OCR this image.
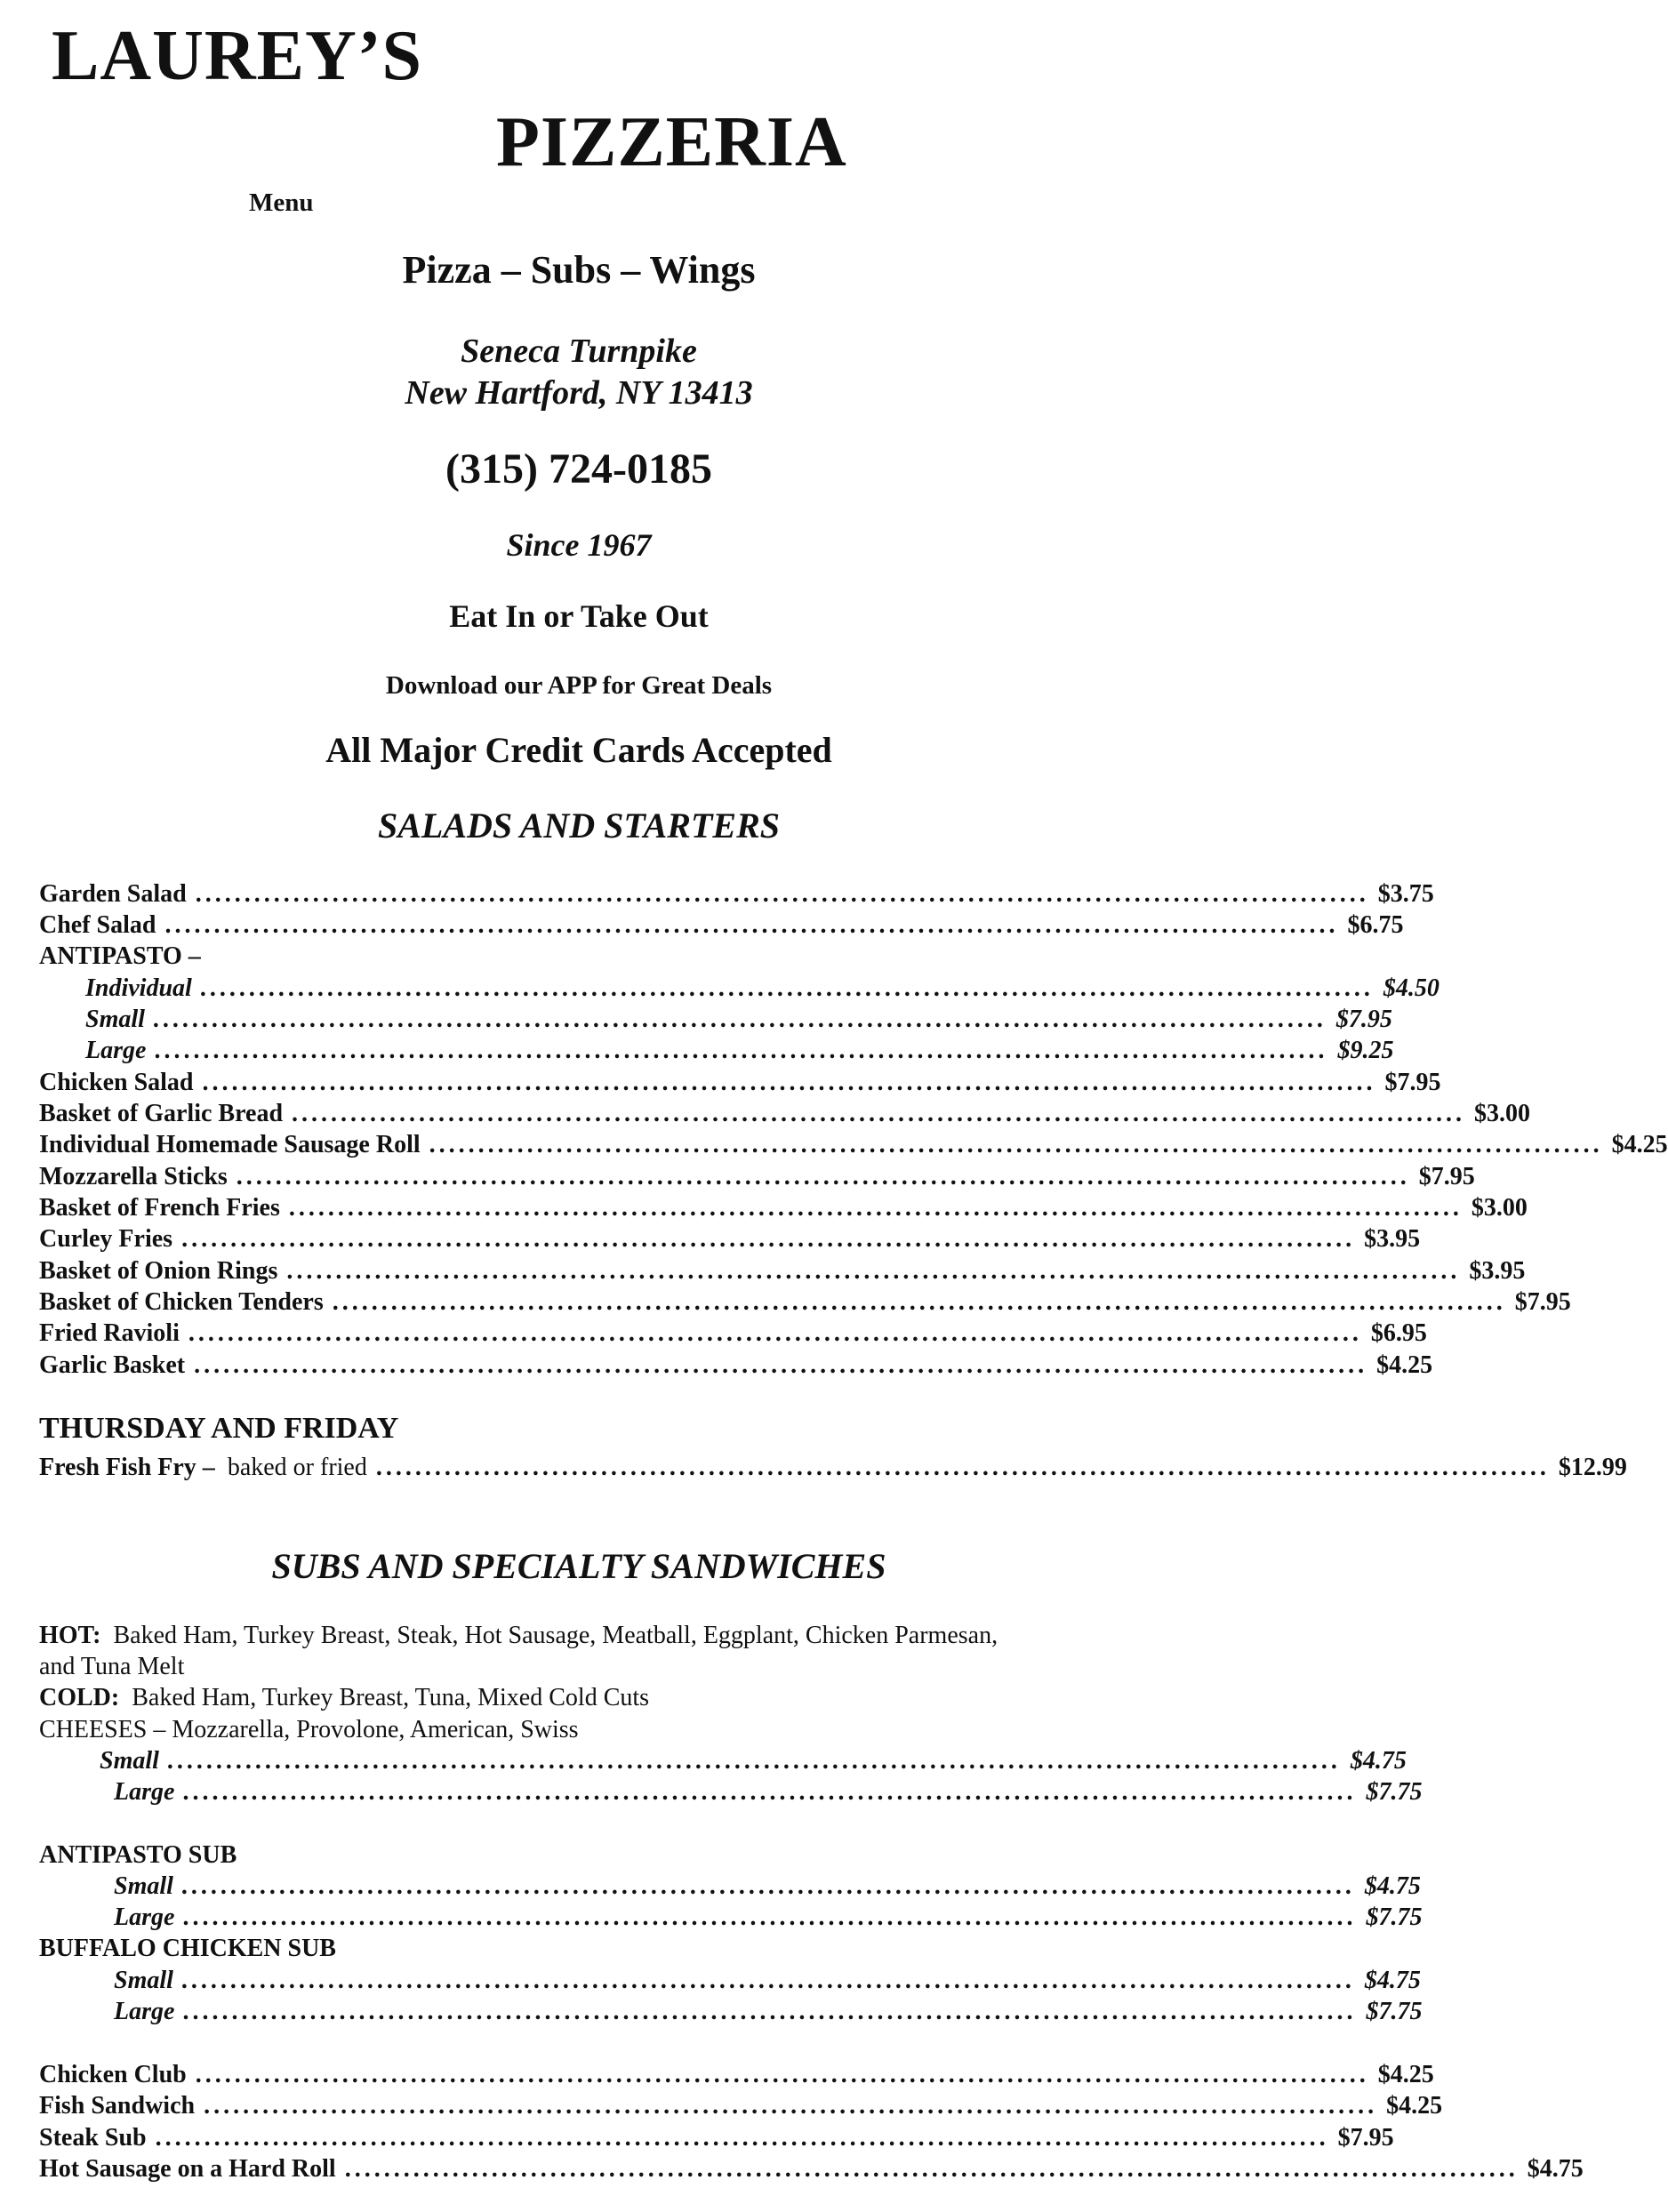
LAUREY’S
PIZZERIA
Menu
Pizza – Subs – Wings
Seneca Turnpike
New Hartford, NY 13413
(315) 724-0185
Since 1967
Eat In or Take Out
Download our APP for Great Deals
All Major Credit Cards Accepted
SALADS AND STARTERS
Garden Salad ........................................................................................................................ $3.75
Chef Salad ........................................................................................................................ $6.75
ANTIPASTO –
Individual ........................................................................................................................ $4.50
Small ........................................................................................................................ $7.95
Large ........................................................................................................................ $9.25
Chicken Salad ........................................................................................................................ $7.95
Basket of Garlic Bread ........................................................................................................................ $3.00
Individual Homemade Sausage Roll ........................................................................................................................ $4.25
Mozzarella Sticks ........................................................................................................................ $7.95
Basket of French Fries ........................................................................................................................ $3.00
Curley Fries ........................................................................................................................ $3.95
Basket of Onion Rings ........................................................................................................................ $3.95
Basket of Chicken Tenders ........................................................................................................................ $7.95
Fried Ravioli ........................................................................................................................ $6.95
Garlic Basket ........................................................................................................................ $4.25
THURSDAY AND FRIDAY
Fresh Fish Fry – baked or fried ........................................................................................................................ $12.99
SUBS AND SPECIALTY SANDWICHES
HOT: Baked Ham, Turkey Breast, Steak, Hot Sausage, Meatball, Eggplant, Chicken Parmesan,
and Tuna Melt
COLD: Baked Ham, Turkey Breast, Tuna, Mixed Cold Cuts
CHEESES – Mozzarella, Provolone, American, Swiss
Small ........................................................................................................................ $4.75
Large ........................................................................................................................ $7.75
ANTIPASTO SUB
Small ........................................................................................................................ $4.75
Large ........................................................................................................................ $7.75
BUFFALO CHICKEN SUB
Small ........................................................................................................................ $4.75
Large ........................................................................................................................ $7.75
Chicken Club ........................................................................................................................ $4.25
Fish Sandwich ........................................................................................................................ $4.25
Steak Sub ........................................................................................................................ $7.95
Hot Sausage on a Hard Roll ........................................................................................................................ $4.75
